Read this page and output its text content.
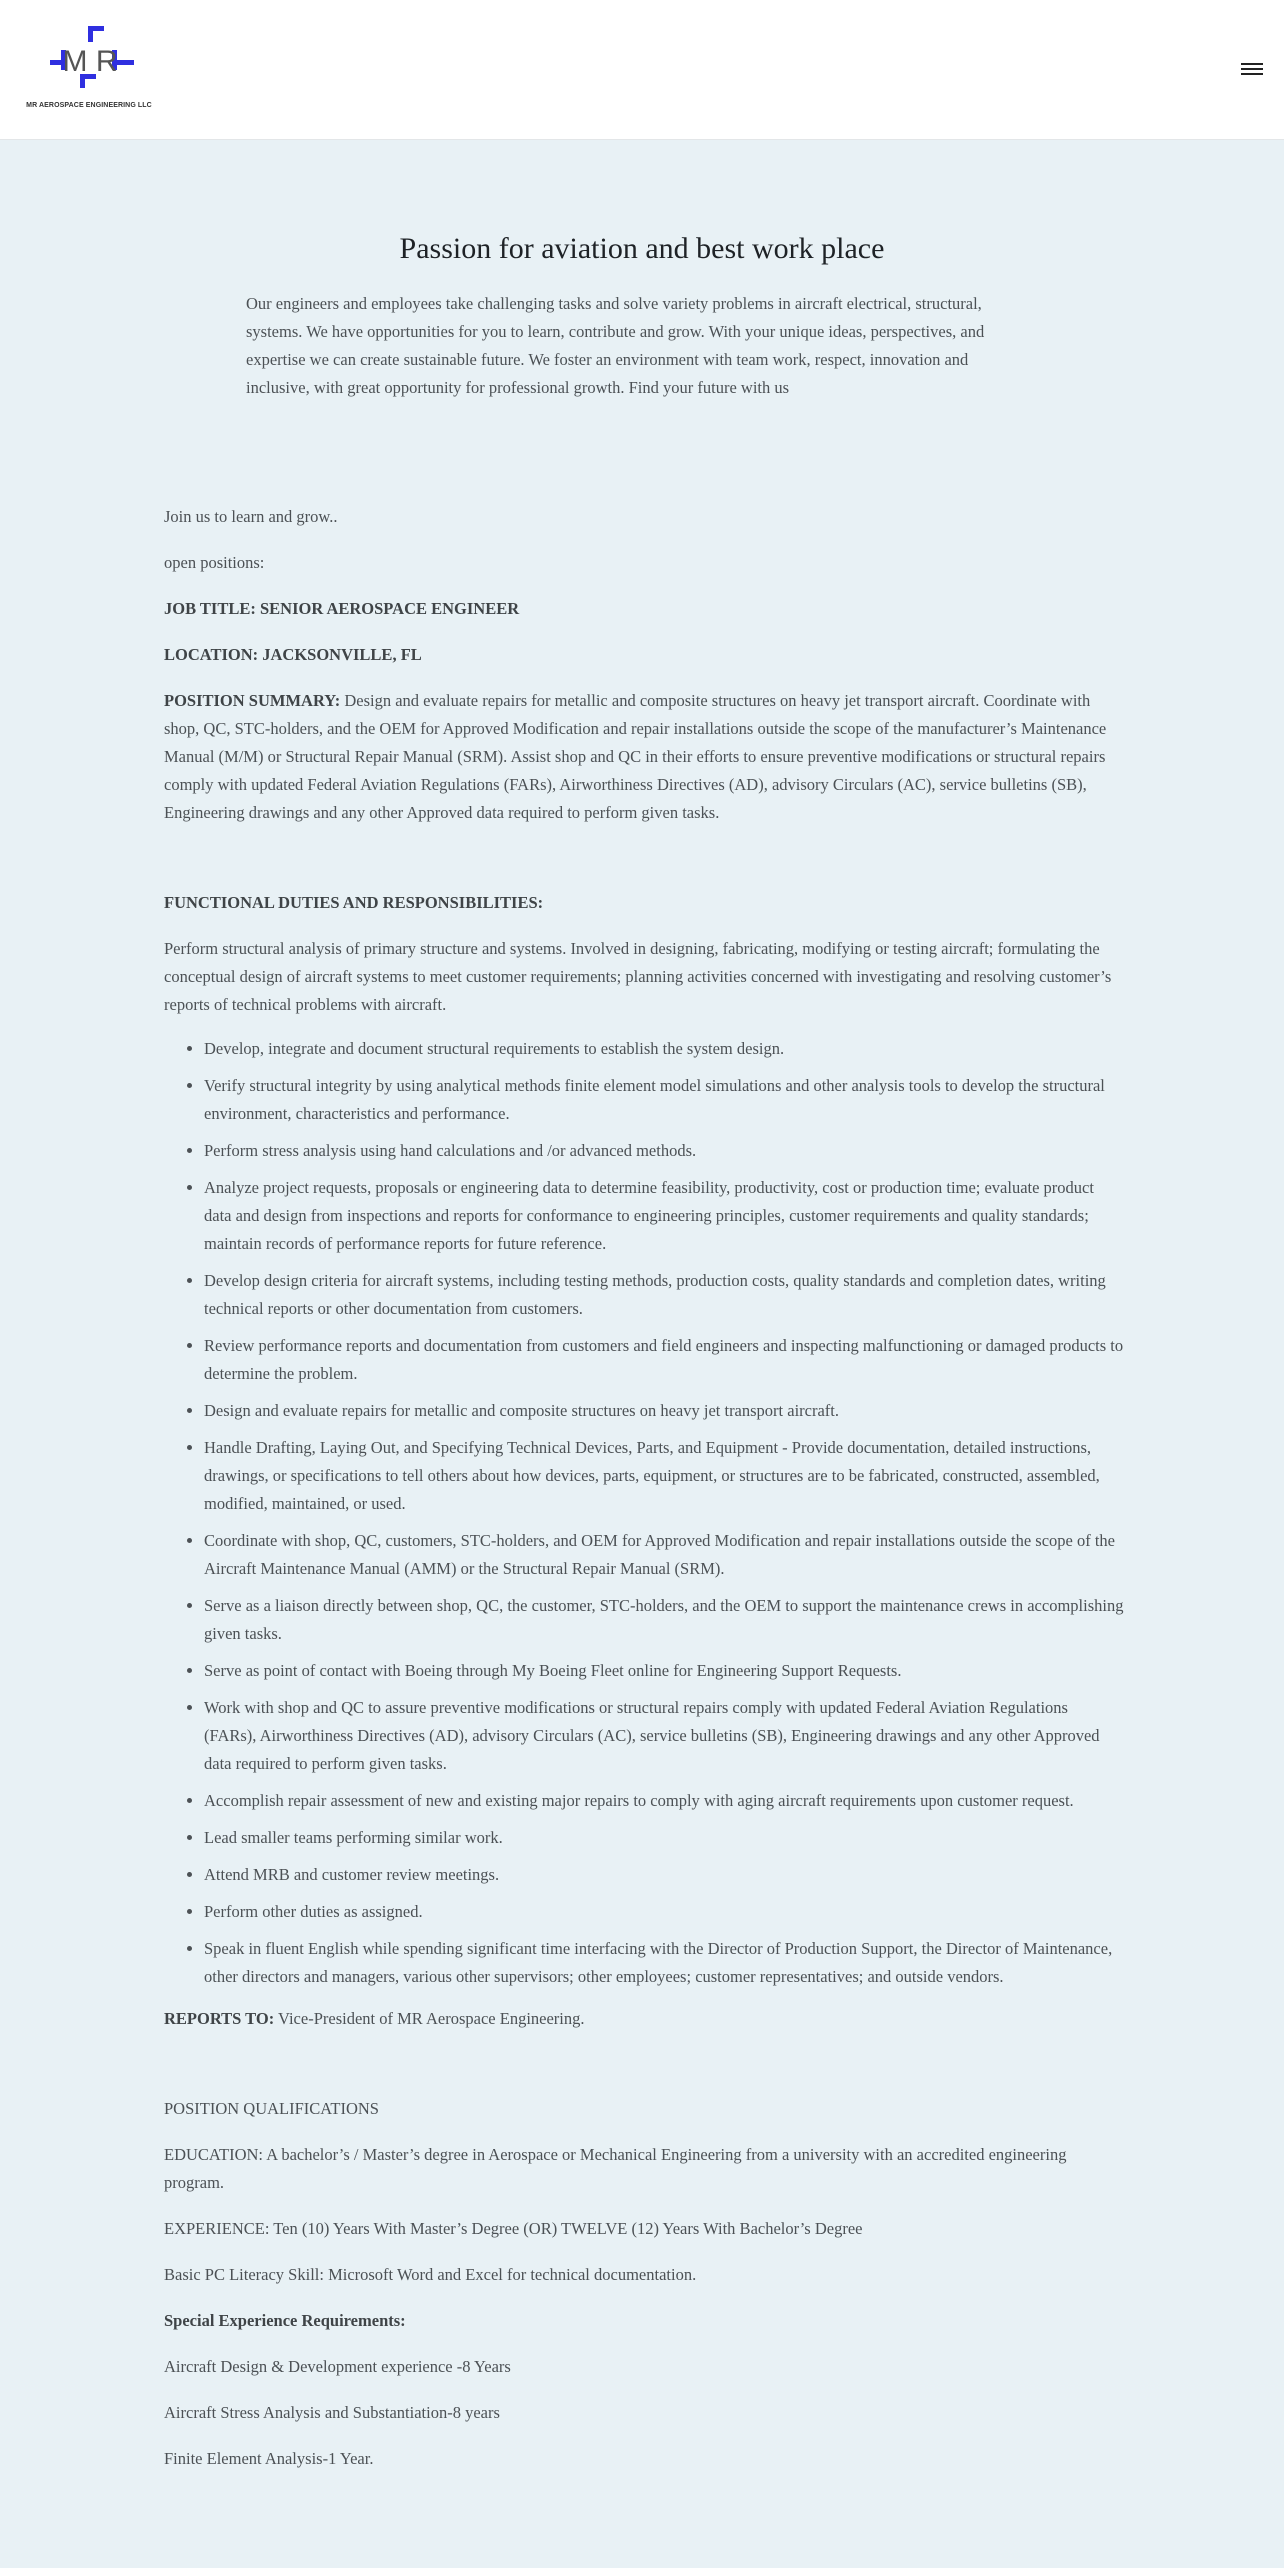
M R
MR AEROSPACE ENGINEERING LLC
Passion for aviation and best work place

Our engineers and employees take challenging tasks and solve variety problems in aircraft electrical, structural, systems. We have opportunities for you to learn, contribute and grow. With your unique ideas, perspectives, and expertise we can create sustainable future. We foster an environment with team work, respect, innovation and inclusive, with great opportunity for professional growth. Find your future with us

Join us to learn and grow..

open positions:

JOB TITLE: SENIOR AEROSPACE ENGINEER

LOCATION: JACKSONVILLE, FL

POSITION SUMMARY: Design and evaluate repairs for metallic and composite structures on heavy jet transport aircraft. Coordinate with shop, QC, STC-holders, and the OEM for Approved Modification and repair installations outside the scope of the manufacturer’s Maintenance Manual (M/M) or Structural Repair Manual (SRM). Assist shop and QC in their efforts to ensure preventive modifications or structural repairs comply with updated Federal Aviation Regulations (FARs), Airworthiness Directives (AD), advisory Circulars (AC), service bulletins (SB), Engineering drawings and any other Approved data required to perform given tasks.

FUNCTIONAL DUTIES AND RESPONSIBILITIES:

Perform structural analysis of primary structure and systems. Involved in designing, fabricating, modifying or testing aircraft; formulating the conceptual design of aircraft systems to meet customer requirements; planning activities concerned with investigating and resolving customer’s reports of technical problems with aircraft.

• Develop, integrate and document structural requirements to establish the system design.
• Verify structural integrity by using analytical methods finite element model simulations and other analysis tools to develop the structural environment, characteristics and performance.
• Perform stress analysis using hand calculations and /or advanced methods.
• Analyze project requests, proposals or engineering data to determine feasibility, productivity, cost or production time; evaluate product data and design from inspections and reports for conformance to engineering principles, customer requirements and quality standards; maintain records of performance reports for future reference.
• Develop design criteria for aircraft systems, including testing methods, production costs, quality standards and completion dates, writing technical reports or other documentation from customers.
• Review performance reports and documentation from customers and field engineers and inspecting malfunctioning or damaged products to determine the problem.
• Design and evaluate repairs for metallic and composite structures on heavy jet transport aircraft.
• Handle Drafting, Laying Out, and Specifying Technical Devices, Parts, and Equipment - Provide documentation, detailed instructions, drawings, or specifications to tell others about how devices, parts, equipment, or structures are to be fabricated, constructed, assembled, modified, maintained, or used.
• Coordinate with shop, QC, customers, STC-holders, and OEM for Approved Modification and repair installations outside the scope of the Aircraft Maintenance Manual (AMM) or the Structural Repair Manual (SRM).
• Serve as a liaison directly between shop, QC, the customer, STC-holders, and the OEM to support the maintenance crews in accomplishing given tasks.
• Serve as point of contact with Boeing through My Boeing Fleet online for Engineering Support Requests.
• Work with shop and QC to assure preventive modifications or structural repairs comply with updated Federal Aviation Regulations (FARs), Airworthiness Directives (AD), advisory Circulars (AC), service bulletins (SB), Engineering drawings and any other Approved data required to perform given tasks.
• Accomplish repair assessment of new and existing major repairs to comply with aging aircraft requirements upon customer request.
• Lead smaller teams performing similar work.
• Attend MRB and customer review meetings.
• Perform other duties as assigned.
• Speak in fluent English while spending significant time interfacing with the Director of Production Support, the Director of Maintenance, other directors and managers, various other supervisors; other employees; customer representatives; and outside vendors.

REPORTS TO: Vice-President of MR Aerospace Engineering.

POSITION QUALIFICATIONS

EDUCATION: A bachelor’s / Master’s degree in Aerospace or Mechanical Engineering from a university with an accredited engineering program.

EXPERIENCE: Ten (10) Years With Master’s Degree (OR) TWELVE (12) Years With Bachelor’s Degree

Basic PC Literacy Skill: Microsoft Word and Excel for technical documentation.

Special Experience Requirements:

Aircraft Design & Development experience -8 Years

Aircraft Stress Analysis and Substantiation-8 years

Finite Element Analysis-1 Year.
